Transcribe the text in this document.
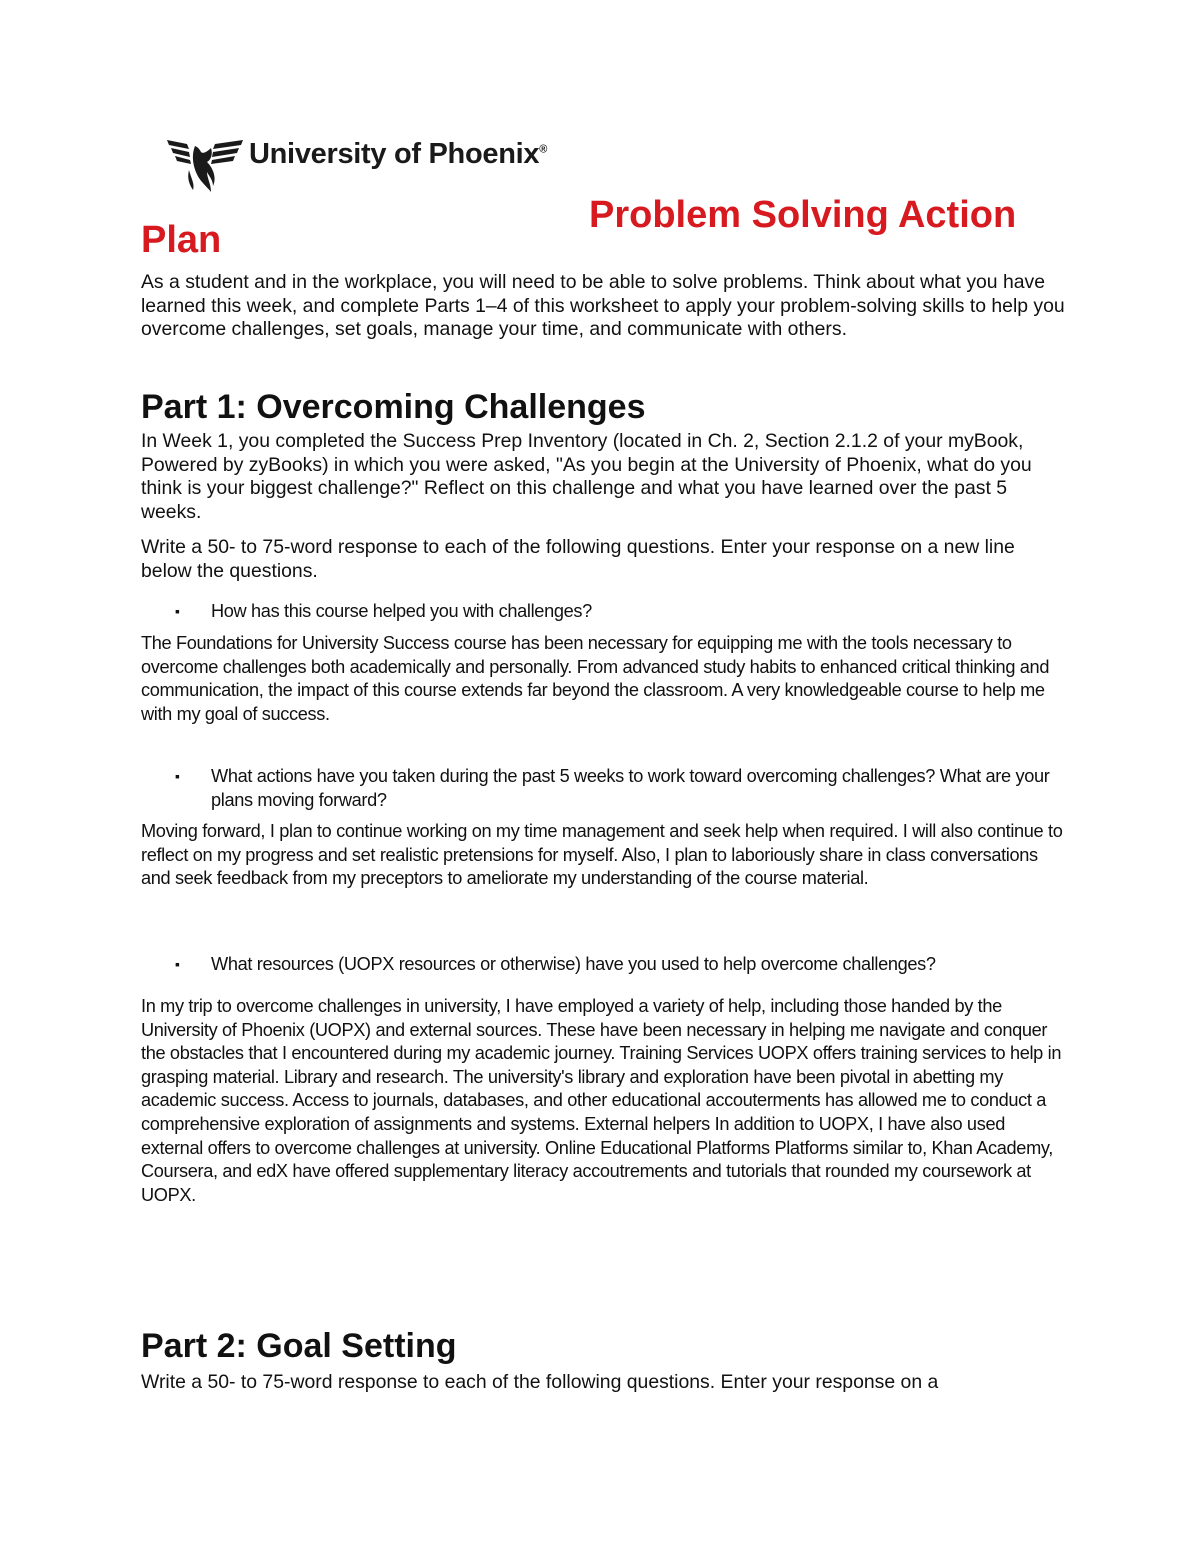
University of Phoenix®
Problem Solving Action
Plan

As a student and in the workplace, you will need to be able to solve problems. Think about what you have learned this week, and complete Parts 1–4 of this worksheet to apply your problem-solving skills to help you overcome challenges, set goals, manage your time, and communicate with others.

Part 1: Overcoming Challenges

In Week 1, you completed the Success Prep Inventory (located in Ch. 2, Section 2.1.2 of your myBook, Powered by zyBooks) in which you were asked, "As you begin at the University of Phoenix, what do you think is your biggest challenge?" Reflect on this challenge and what you have learned over the past 5 weeks.

Write a 50- to 75-word response to each of the following questions. Enter your response on a new line below the questions.

▪ How has this course helped you with challenges?

The Foundations for University Success course has been necessary for equipping me with the tools necessary to overcome challenges both academically and personally. From advanced study habits to enhanced critical thinking and communication, the impact of this course extends far beyond the classroom. A very knowledgeable course to help me with my goal of success.

▪ What actions have you taken during the past 5 weeks to work toward overcoming challenges? What are your plans moving forward?

Moving forward, I plan to continue working on my time management and seek help when required. I will also continue to reflect on my progress and set realistic pretensions for myself. Also, I plan to laboriously share in class conversations and seek feedback from my preceptors to ameliorate my understanding of the course material.

▪ What resources (UOPX resources or otherwise) have you used to help overcome challenges?

In my trip to overcome challenges in university, I have employed a variety of help, including those handed by the University of Phoenix (UOPX) and external sources. These have been necessary in helping me navigate and conquer the obstacles that I encountered during my academic journey. Training Services UOPX offers training services to help in grasping material. Library and research. The university's library and exploration have been pivotal in abetting my academic success. Access to journals, databases, and other educational accouterments has allowed me to conduct a comprehensive exploration of assignments and systems. External helpers In addition to UOPX, I have also used external offers to overcome challenges at university. Online Educational Platforms Platforms similar to, Khan Academy, Coursera, and edX have offered supplementary literacy accoutrements and tutorials that rounded my coursework at UOPX.

Part 2: Goal Setting

Write a 50- to 75-word response to each of the following questions. Enter your response on a
